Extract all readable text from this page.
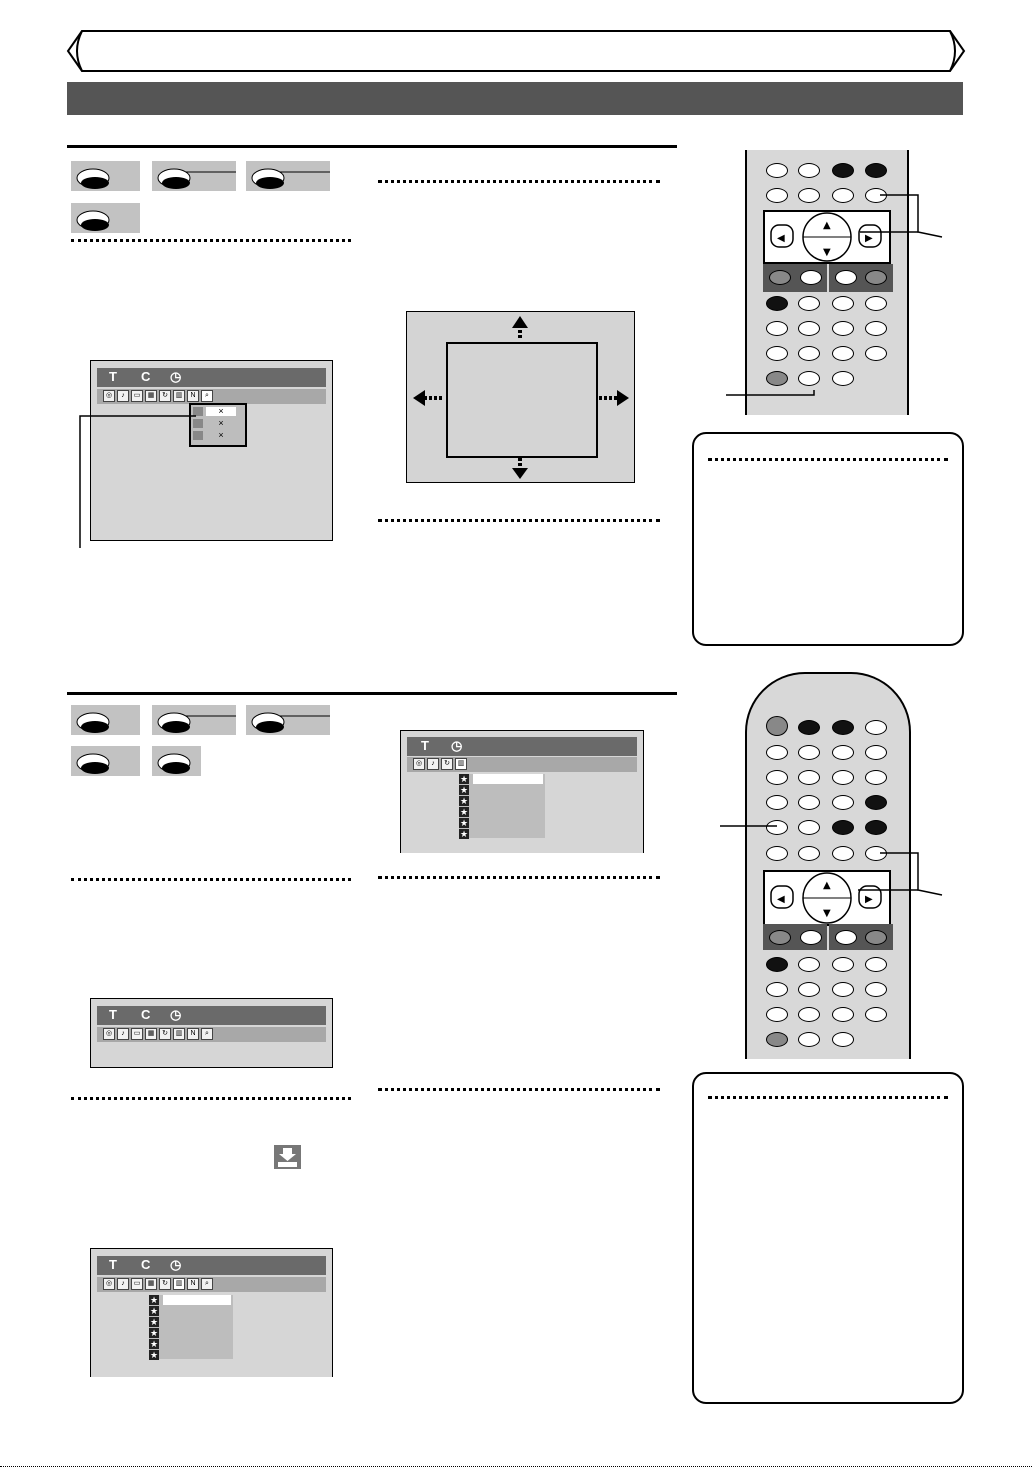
T C ◷
◎	♪	▭	▦	↻	▥	N	⌕
×
×
×
▲
▼
◀	▶
T ◷
◎	♪	↻	▥
★
★
★
★
★
★
T C ◷
◎	♪	▭	▦	↻	▥	N	⌕
T C ◷
◎	♪	▭	▦	↻	▥	N	⌕
★
★
★
★
★
★
▲
▼
◀	▶
